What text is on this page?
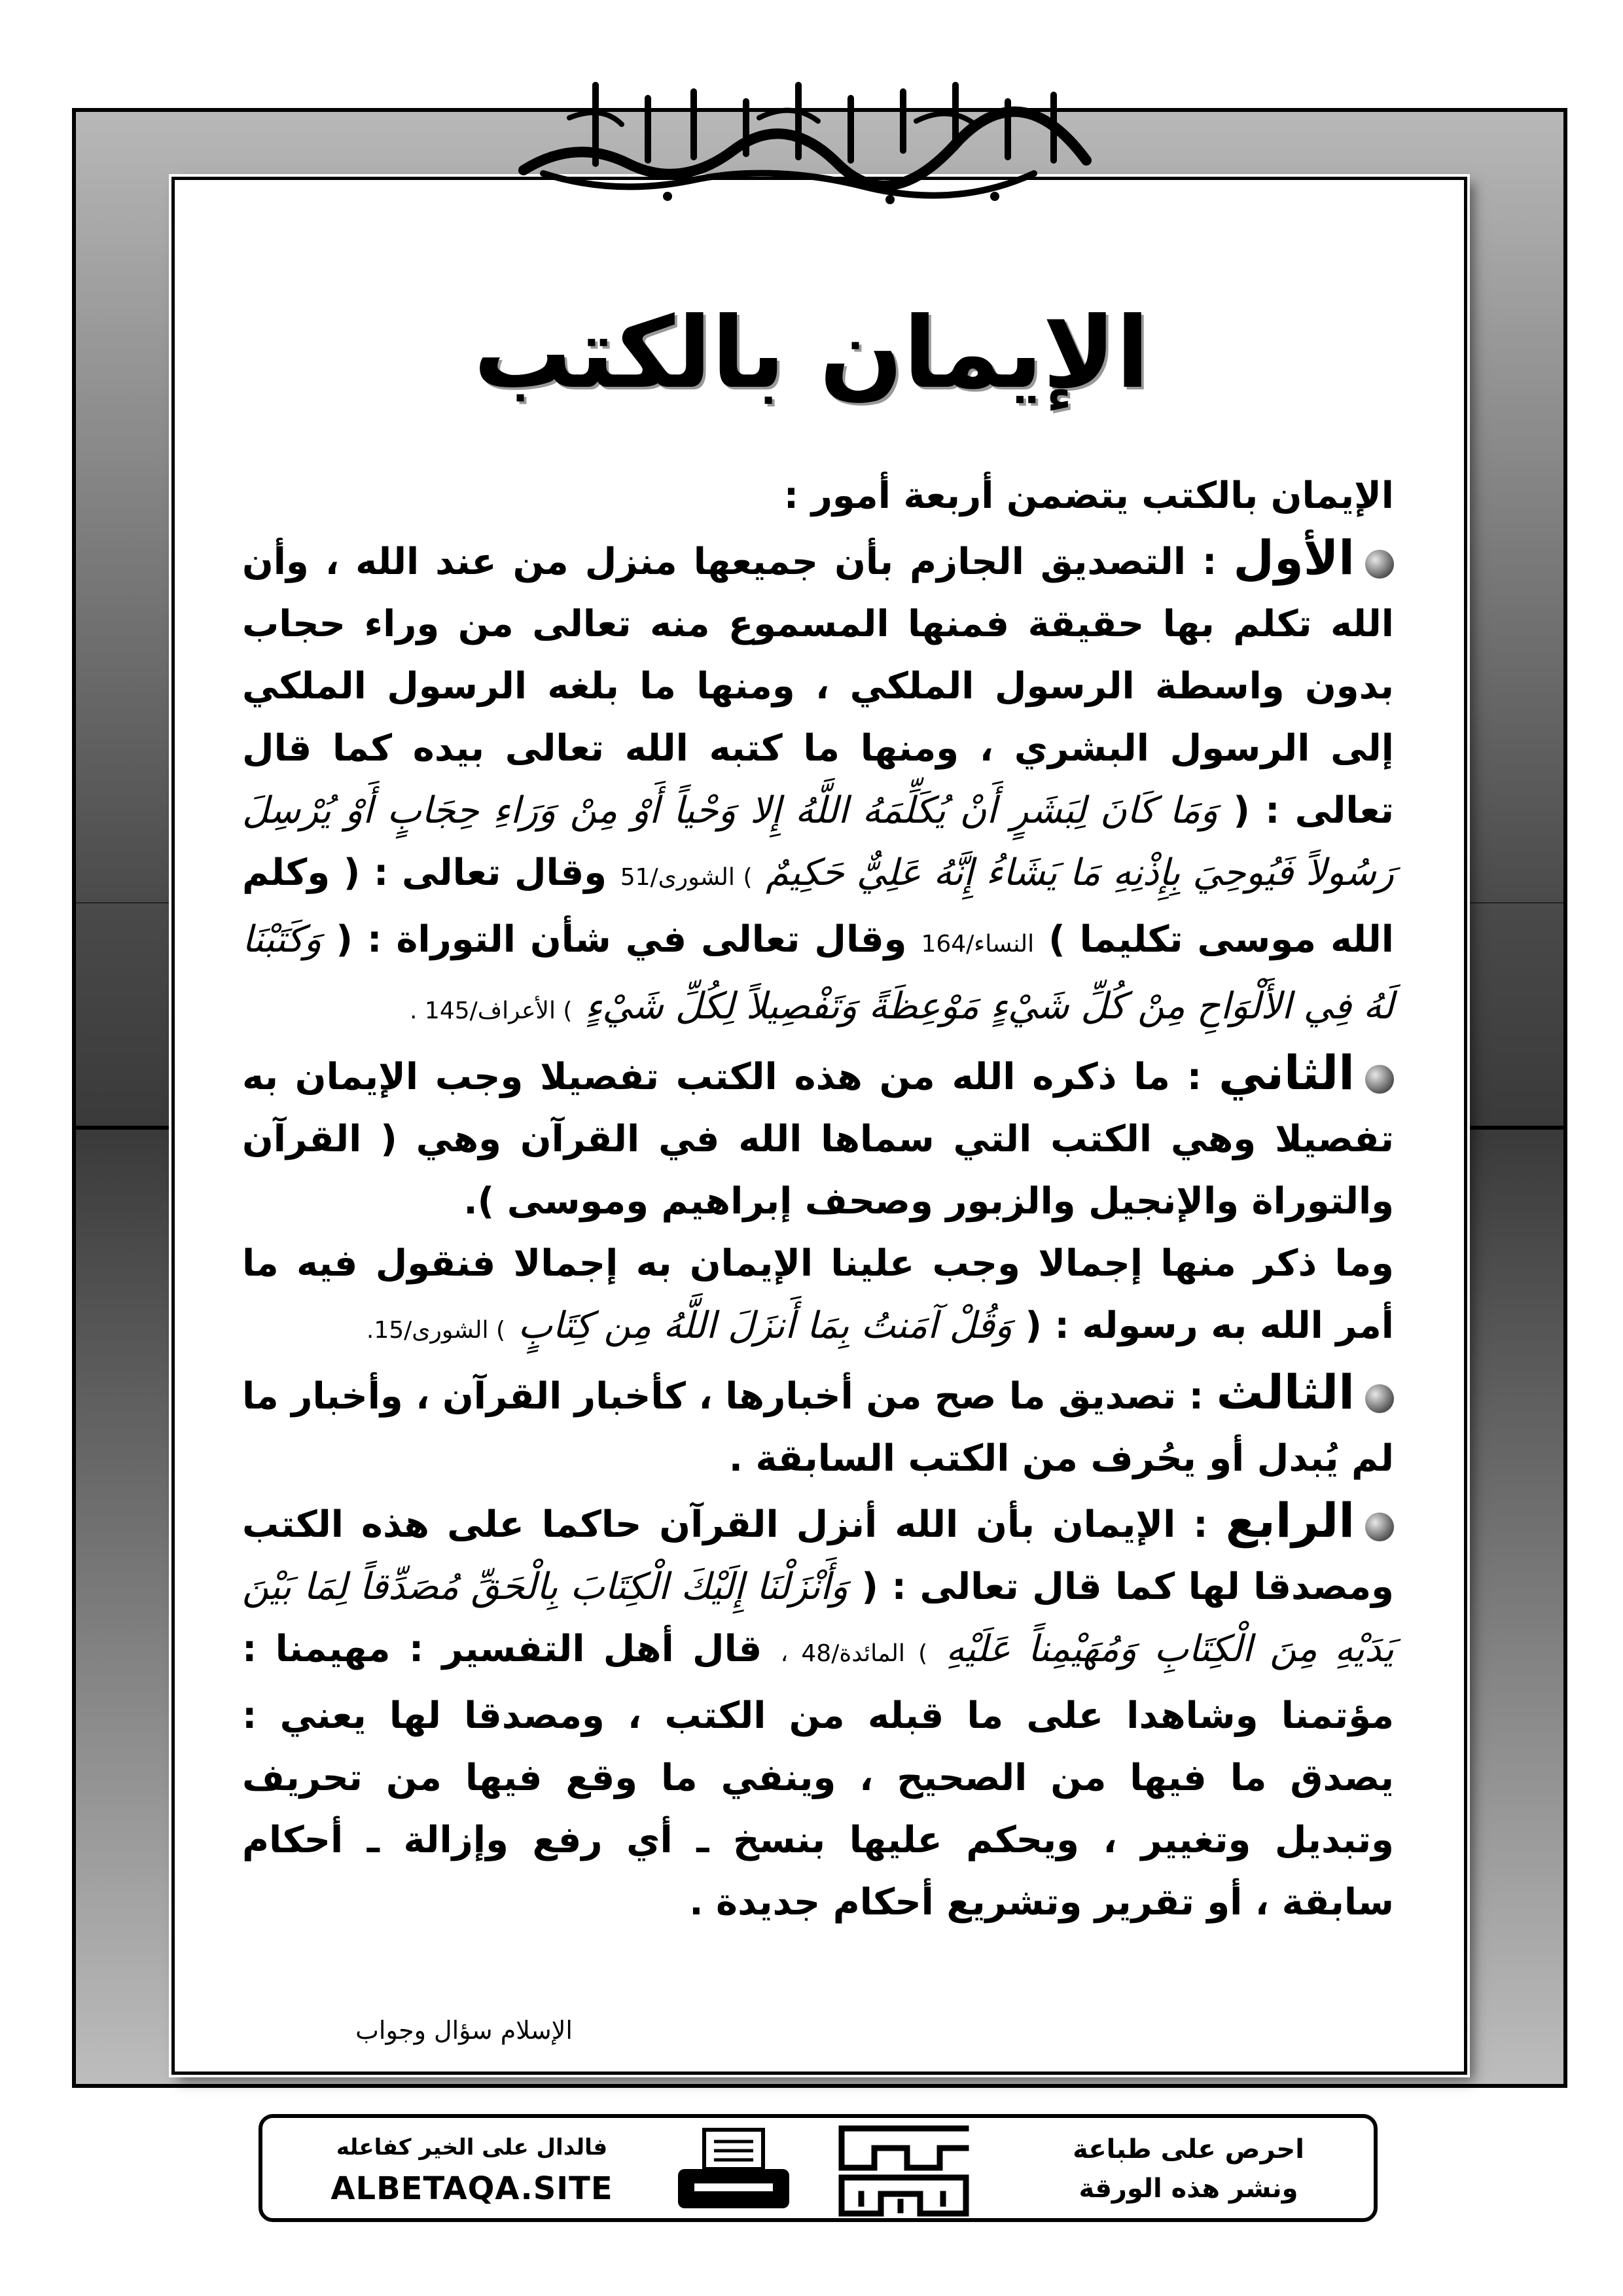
الإيمان بالكتب

الإيمان بالكتب يتضمن أربعة أمور :

الأول : التصديق الجازم بأن جميعها منزل من عند الله ، وأن الله تكلم بها حقيقة فمنها المسموع منه تعالى من وراء حجاب بدون واسطة الرسول الملكي ، ومنها ما بلغه الرسول الملكي إلى الرسول البشري ، ومنها ما كتبه الله تعالى بيده كما قال تعالى : ( وَمَا كَانَ لِبَشَرٍ أَنْ يُكَلِّمَهُ اللَّهُ إِلا وَحْياً أَوْ مِنْ وَرَاءِ حِجَابٍ أَوْ يُرْسِلَ رَسُولاً فَيُوحِيَ بِإِذْنِهِ مَا يَشَاءُ إِنَّهُ عَلِيٌّ حَكِيمٌ ) الشورى/51 وقال تعالى : ( وكلم الله موسى تكليما ) النساء/164 وقال تعالى في شأن التوراة : ( وَكَتَبْنَا لَهُ فِي الأَلْوَاحِ مِنْ كُلِّ شَيْءٍ مَوْعِظَةً وَتَفْصِيلاً لِكُلِّ شَيْءٍ ) الأعراف/145 .

الثاني : ما ذكره الله من هذه الكتب تفصيلا وجب الإيمان به تفصيلا وهي الكتب التي سماها الله في القرآن وهي ( القرآن والتوراة والإنجيل والزبور وصحف إبراهيم وموسى ).

وما ذكر منها إجمالا وجب علينا الإيمان به إجمالا فنقول فيه ما أمر الله به رسوله : ( وَقُلْ آمَنتُ بِمَا أَنزَلَ اللَّهُ مِن كِتَابٍ ) الشورى/15.

الثالث : تصديق ما صح من أخبارها ، كأخبار القرآن ، وأخبار ما لم يُبدل أو يحُرف من الكتب السابقة .

الرابع : الإيمان بأن الله أنزل القرآن حاكما على هذه الكتب ومصدقا لها كما قال تعالى : ( وَأَنْزَلْنَا إِلَيْكَ الْكِتَابَ بِالْحَقِّ مُصَدِّقاً لِمَا بَيْنَ يَدَيْهِ مِنَ الْكِتَابِ وَمُهَيْمِناً عَلَيْهِ ) المائدة/48 ، قال أهل التفسير : مهيمنا : مؤتمنا وشاهدا على ما قبله من الكتب ، ومصدقا لها يعني : يصدق ما فيها من الصحيح ، وينفي ما وقع فيها من تحريف وتبديل وتغيير ، ويحكم عليها بنسخ ـ أي رفع وإزالة ـ أحكام سابقة ، أو تقرير وتشريع أحكام جديدة .

الإسلام سؤال وجواب
فالدال على الخير كفاعله
ALBETAQA.SITE
احرص على طباعة
ونشر هذه الورقة
